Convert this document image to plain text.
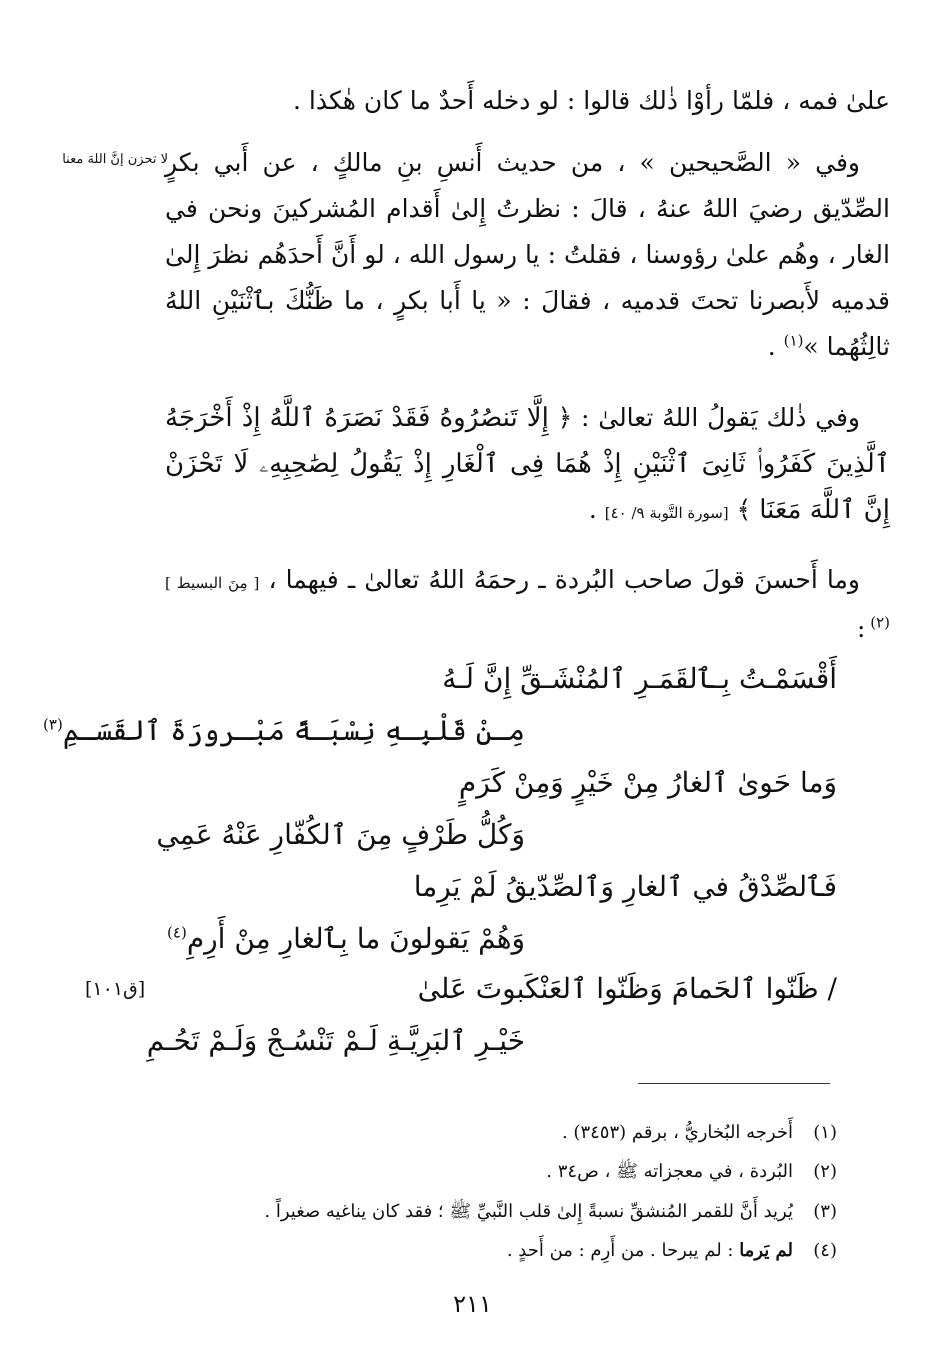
علىٰ فمه ، فلمّا رأوْا ذٰلك قالوا : لو دخله أَحدٌ ما كان هٰكذا .
وفي « الصَّحيحين » ، من حديث أَنسِ بنِ مالكٍ ، عن أَبي بكرٍ الصِّدّيق رضيَ اللهُ عنهُ ، قالَ : نظرتُ إِلىٰ أَقدام المُشركينَ ونحن في الغار ، وهُم علىٰ رؤوسنا ، فقلتُ : يا رسول الله ، لو أَنَّ أَحدَهُم نظرَ إِلىٰ قدميه لأَبصرنا تحتَ قدميه ، فقالَ : « يا أَبا بكرٍ ، ما ظَنُّكَ بٱثْنَيْنِ اللهُ ثالِثُهُما »$^{(١)}$ .
وفي ذٰلك يَقولُ اللهُ تعالىٰ : ﴿ إِلَّا تَنصُرُوهُ فَقَدْ نَصَرَهُ ٱللَّهُ إِذْ أَخْرَجَهُ ٱلَّذِينَ كَفَرُوا۟ ثَانِىَ ٱثْنَيْنِ إِذْ هُمَا فِى ٱلْغَارِ إِذْ يَقُولُ لِصَٰحِبِهِۦ لَا تَحْزَنْ إِنَّ ٱللَّهَ مَعَنَا ﴾ [سورة التَّوبة ٩/ ٤٠] .
وما أَحسنَ قولَ صاحب البُردة ـ رحمَهُ اللهُ تعالىٰ ـ فيهما ، [ مِنَ البسيط ] $^{(٢)}$ :
لا تحزن إنَّ اللهَ معنا
[ق١٠١]
أَقْسَمْـتُ بِـٱلقَمَـرِ ٱلمُنْشَـقِّ إِنَّ لَـهُ
مِـنْ قَلْبِـهِ نِسْبَـةً مَبْـرورَةَ ٱلقَسَـمِ$^{(٣)}$
وَما حَوىٰ ٱلغارُ مِنْ خَيْرٍ وَمِنْ كَرَمٍ
وَكُلُّ طَرْفٍ مِنَ ٱلكُفّارِ عَنْهُ عَمِي
فَٱلصِّدْقُ في ٱلغارِ وَٱلصِّدّيقُ لَمْ يَرِما
وَهُمْ يَقولونَ ما بِٱلغارِ مِنْ أَرِمِ$^{(٤)}$
/ ظَنّوا ٱلحَمامَ وَظَنّوا ٱلعَنْكَبوتَ عَلىٰ
خَيْـرِ ٱلبَرِيَّـةِ لَـمْ تَنْسُـجْ وَلَـمْ تَحُـمِ
(١)أَخرجه البُخاريُّ ، برقم (٣٤٥٣) .
(٢)البُردة ، في معجزاته ﷺ ، ص٣٤ .
(٣)يُريد أَنَّ للقمر المُنشقِّ نسبةً إِلىٰ قلب النَّبيِّ ﷺ ؛ فقد كان يناغيه صغيراً .
(٤)لم يَرما : لم يبرحا . من أَرِم : من أَحدٍ .
٢١١
